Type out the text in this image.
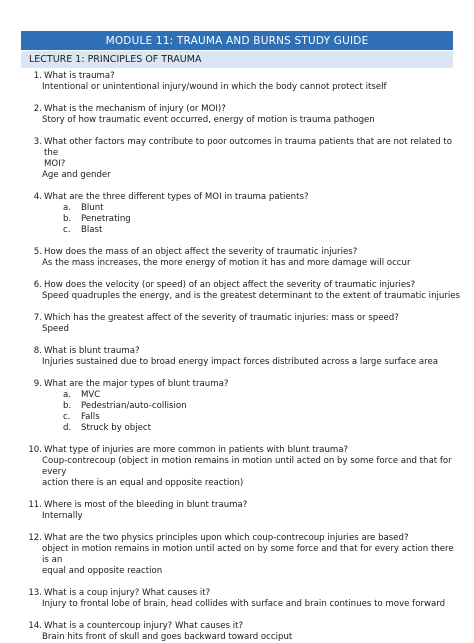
MODULE 11: TRAUMA AND BURNS STUDY GUIDE
LECTURE 1: PRINCIPLES OF TRAUMA
1. What is trauma?
Intentional or unintentional injury/wound in which the body cannot protect itself
2. What is the mechanism of injury (or MOI)?
Story of how traumatic event occurred, energy of motion is trauma pathogen
3. What other factors may contribute to poor outcomes in trauma patients that are not related to the
MOI?
Age and gender
4. What are the three different types of MOI in trauma patients?
a.	Blunt
b.	Penetrating
c.	Blast
5. How does the mass of an object affect the severity of traumatic injuries?
As the mass increases, the more energy of motion it has and more damage will occur
6. How does the velocity (or speed) of an object affect the severity of traumatic injuries?
Speed quadruples the energy, and is the greatest determinant to the extent of traumatic injuries
7. Which has the greatest affect of the severity of traumatic injuries: mass or speed?
Speed
8. What is blunt trauma?
Injuries sustained due to broad energy impact forces distributed across a large surface area
9. What are the major types of blunt trauma?
a.	MVC
b.	Pedestrian/auto-collision
c.	Falls
d.	Struck by object
10. What type of injuries are more common in patients with blunt trauma?
Coup-contrecoup (object in motion remains in motion until acted on by some force and that for every
action there is an equal and opposite reaction)
11. Where is most of the bleeding in blunt trauma?
Internally
12. What are the two physics principles upon which coup-contrecoup injuries are based?
object in motion remains in motion until acted on by some force and that for every action there is an
equal and opposite reaction
13. What is a coup injury? What causes it?
Injury to frontal lobe of brain, head collides with surface and brain continues to move forward
14. What is a countercoup injury? What causes it?
Brain hits front of skull and goes backward toward occiput
